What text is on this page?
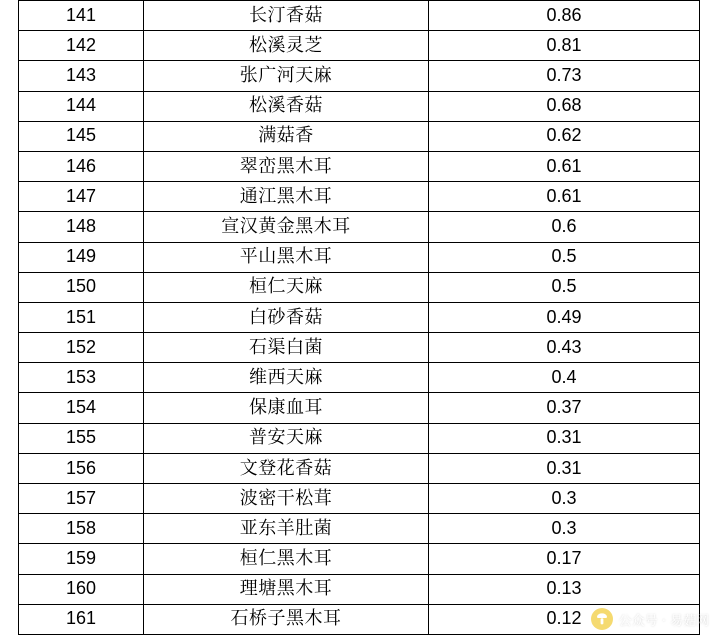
141	长汀香菇	0.86
142	松溪灵芝	0.81
143	张广河天麻	0.73
144	松溪香菇	0.68
145	满菇香	0.62
146	翠峦黑木耳	0.61
147	通江黑木耳	0.61
148	宣汉黄金黑木耳	0.6
149	平山黑木耳	0.5
150	桓仁天麻	0.5
151	白砂香菇	0.49
152	石渠白菌	0.43
153	维西天麻	0.4
154	保康血耳	0.37
155	普安天麻	0.31
156	文登花香菇	0.31
157	波密干松茸	0.3
158	亚东羊肚菌	0.3
159	桓仁黑木耳	0.17
160	理塘黑木耳	0.13
161	石桥子黑木耳	0.12	公众号 · 易菇网
